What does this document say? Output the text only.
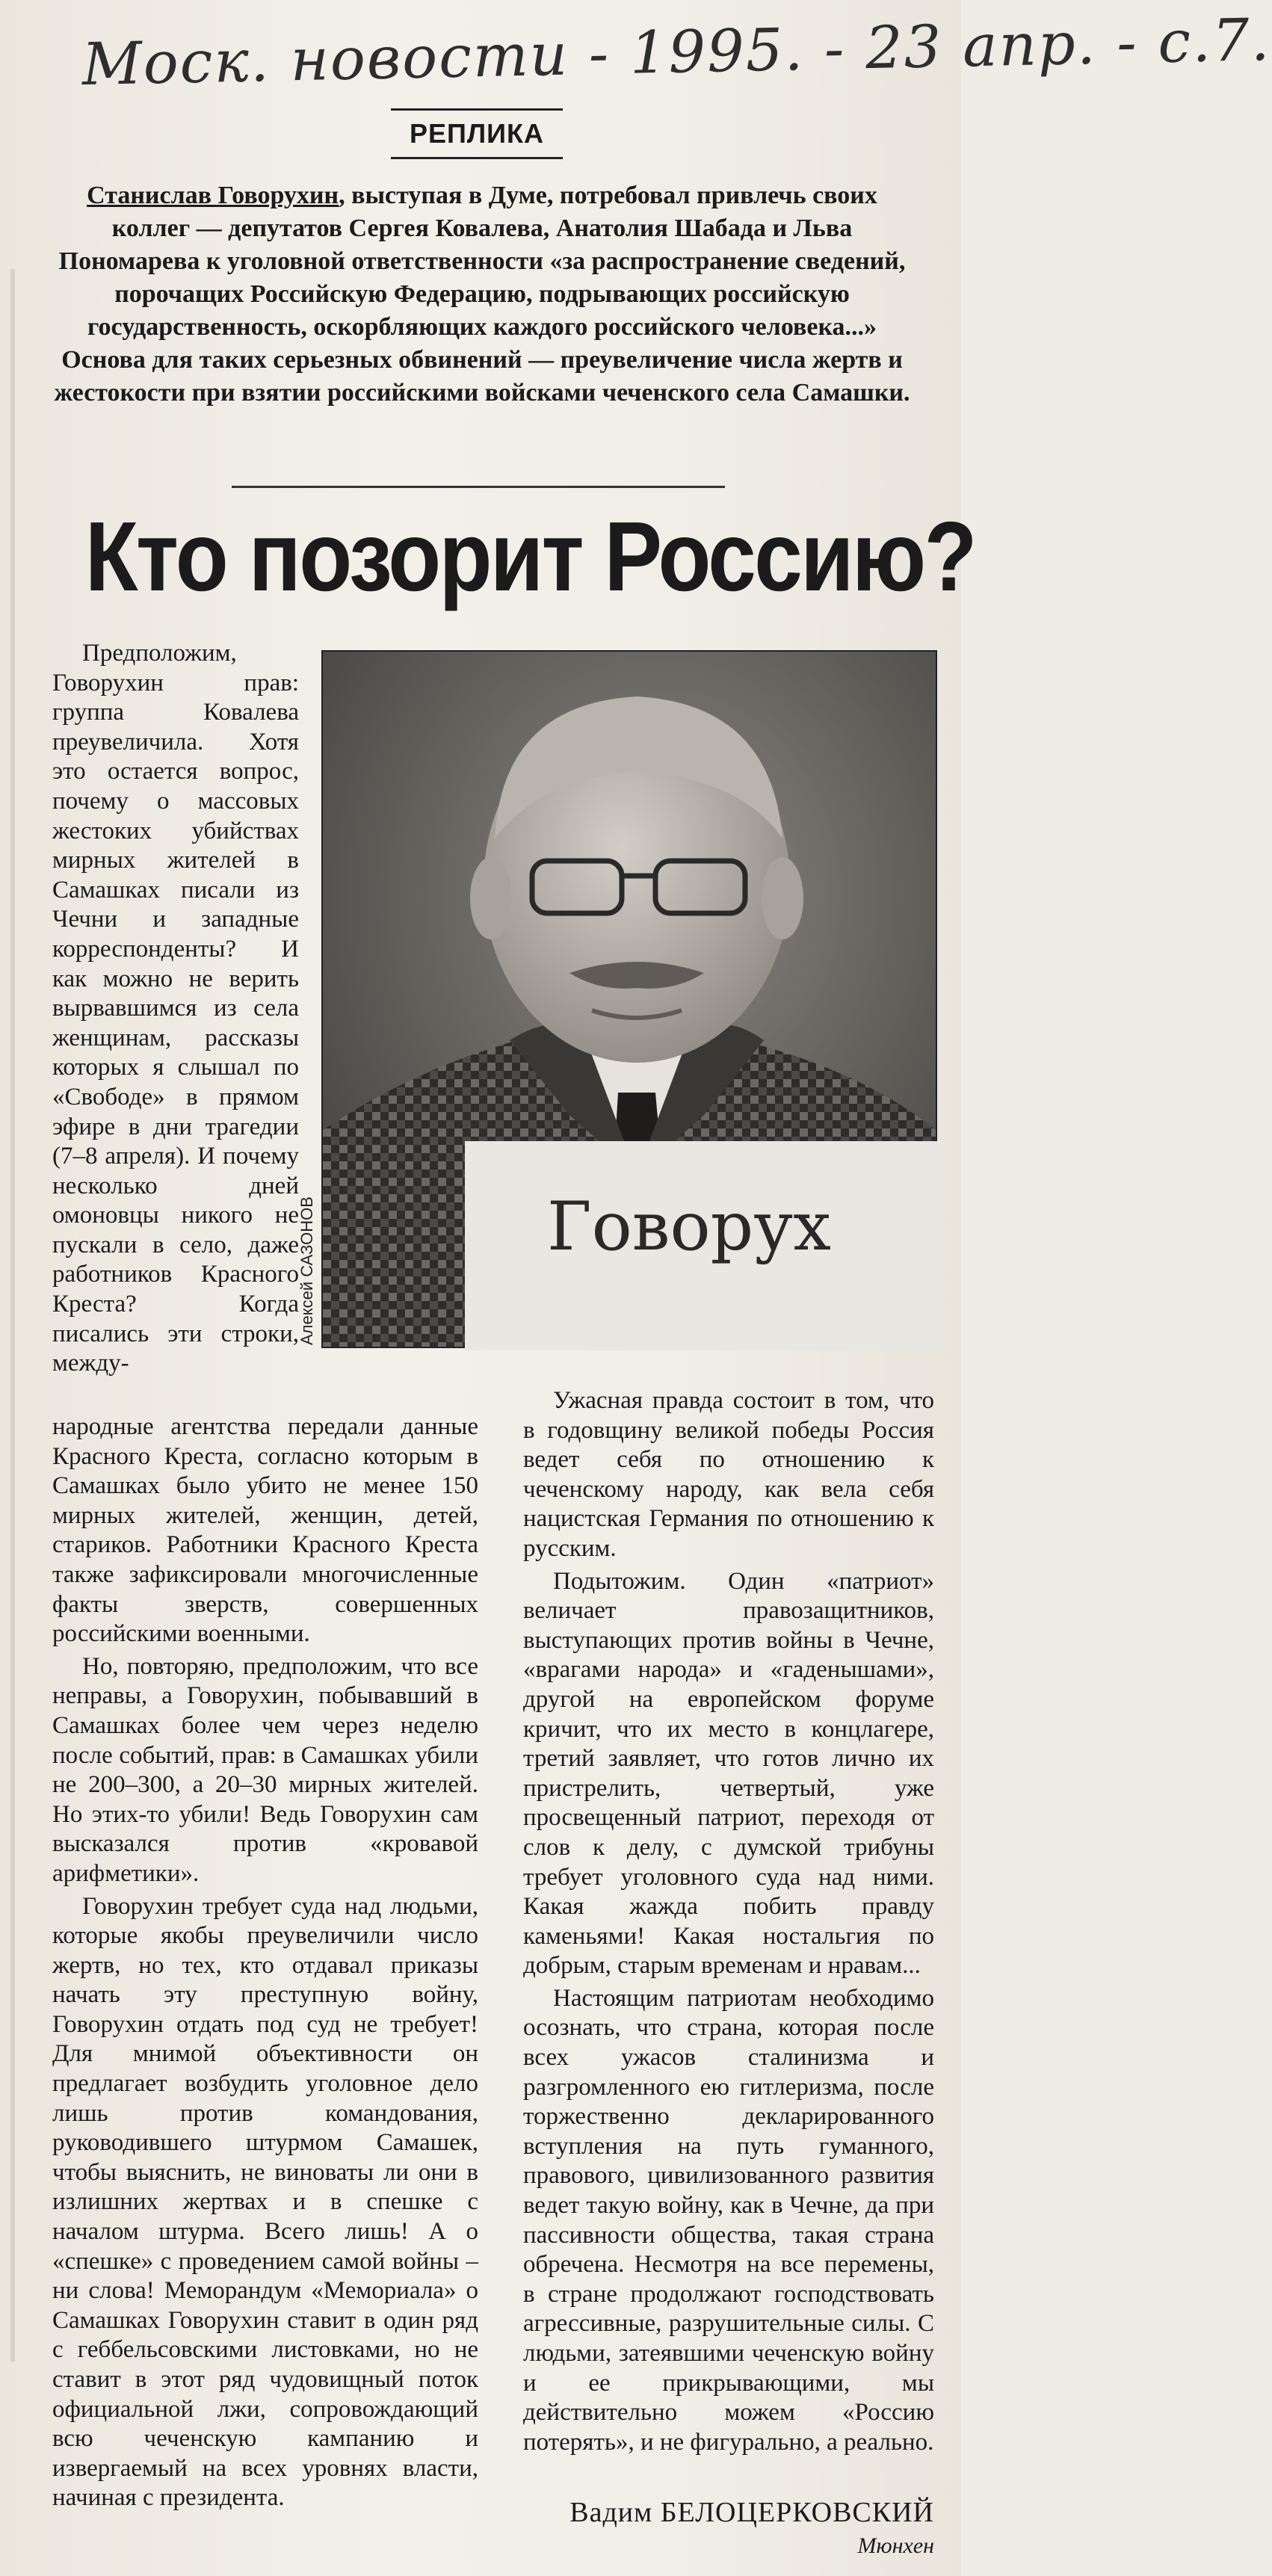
Моск. новости - 1995. - 23 апр. - с.7.
РЕПЛИКА
Станислав Говорухин, выступая в Думе, потребовал привлечь своих коллег — депутатов Сергея Ковалева, Анатолия Шабада и Льва Пономарева к уголовной ответственности «за распространение сведений, порочащих Российскую Федерацию, подрывающих российскую государственность, оскорбляющих каждого российского человека...» Основа для таких серьезных обвинений — преувеличение числа жертв и жестокости при взятии российскими войсками чеченского села Самашки.
Кто позорит Россию?

Предположим, Говорухин прав: группа Ковалева преувеличила. Хотя это остается вопрос, почему о массовых жестоких убийствах мирных жителей в Самашках писали из Чечни и западные корреспонденты? И как можно не верить вырвавшимся из села женщинам, рассказы которых я слышал по «Свободе» в прямом эфире в дни трагедии (7–8 апреля). И почему несколько дней омоновцы никого не пускали в село, даже работников Красного Креста? Когда писались эти строки, между-

Говорух
Алексей САЗОНОВ

народные агентства передали данные Красного Креста, согласно которым в Самашках было убито не менее 150 мирных жителей, женщин, детей, стариков. Работники Красного Креста также зафиксировали многочисленные факты зверств, совершенных российскими военными.

Но, повторяю, предположим, что все неправы, а Говорухин, побывавший в Самашках более чем через неделю после событий, прав: в Самашках убили не 200–300, а 20–30 мирных жителей. Но этих-то убили! Ведь Говорухин сам высказался против «кровавой арифметики».

Говорухин требует суда над людьми, которые якобы преувеличили число жертв, но тех, кто отдавал приказы начать эту преступную войну, Говорухин отдать под суд не требует! Для мнимой объективности он предлагает возбудить уголовное дело лишь против командования, руководившего штурмом Самашек, чтобы выяснить, не виноваты ли они в излишних жертвах и в спешке с началом штурма. Всего лишь! А о «спешке» с проведением самой войны – ни слова! Меморандум «Мемориала» о Самашках Говорухин ставит в один ряд с геббельсовскими листовками, но не ставит в этот ряд чудовищный поток официальной лжи, сопровождающий всю чеченскую кампанию и извергаемый на всех уровнях власти, начиная с президента.

Ужасная правда состоит в том, что в годовщину великой победы Россия ведет себя по отношению к чеченскому народу, как вела себя нацистская Германия по отношению к русским.

Подытожим. Один «патриот» величает правозащитников, выступающих против войны в Чечне, «врагами народа» и «гаденышами», другой на европейском форуме кричит, что их место в концлагере, третий заявляет, что готов лично их пристрелить, четвертый, уже просвещенный патриот, переходя от слов к делу, с думской трибуны требует уголовного суда над ними. Какая жажда побить правду каменьями! Какая ностальгия по добрым, старым временам и нравам...

Настоящим патриотам необходимо осознать, что страна, которая после всех ужасов сталинизма и разгромленного ею гитлеризма, после торжественно декларированного вступления на путь гуманного, правового, цивилизованного развития ведет такую войну, как в Чечне, да при пассивности общества, такая страна обречена. Несмотря на все перемены, в стране продолжают господствовать агрессивные, разрушительные силы. С людьми, затеявшими чеченскую войну и ее прикрывающими, мы действительно можем «Россию потерять», и не фигурально, а реально.

Вадим БЕЛОЦЕРКОВСКИЙ
Мюнхен
